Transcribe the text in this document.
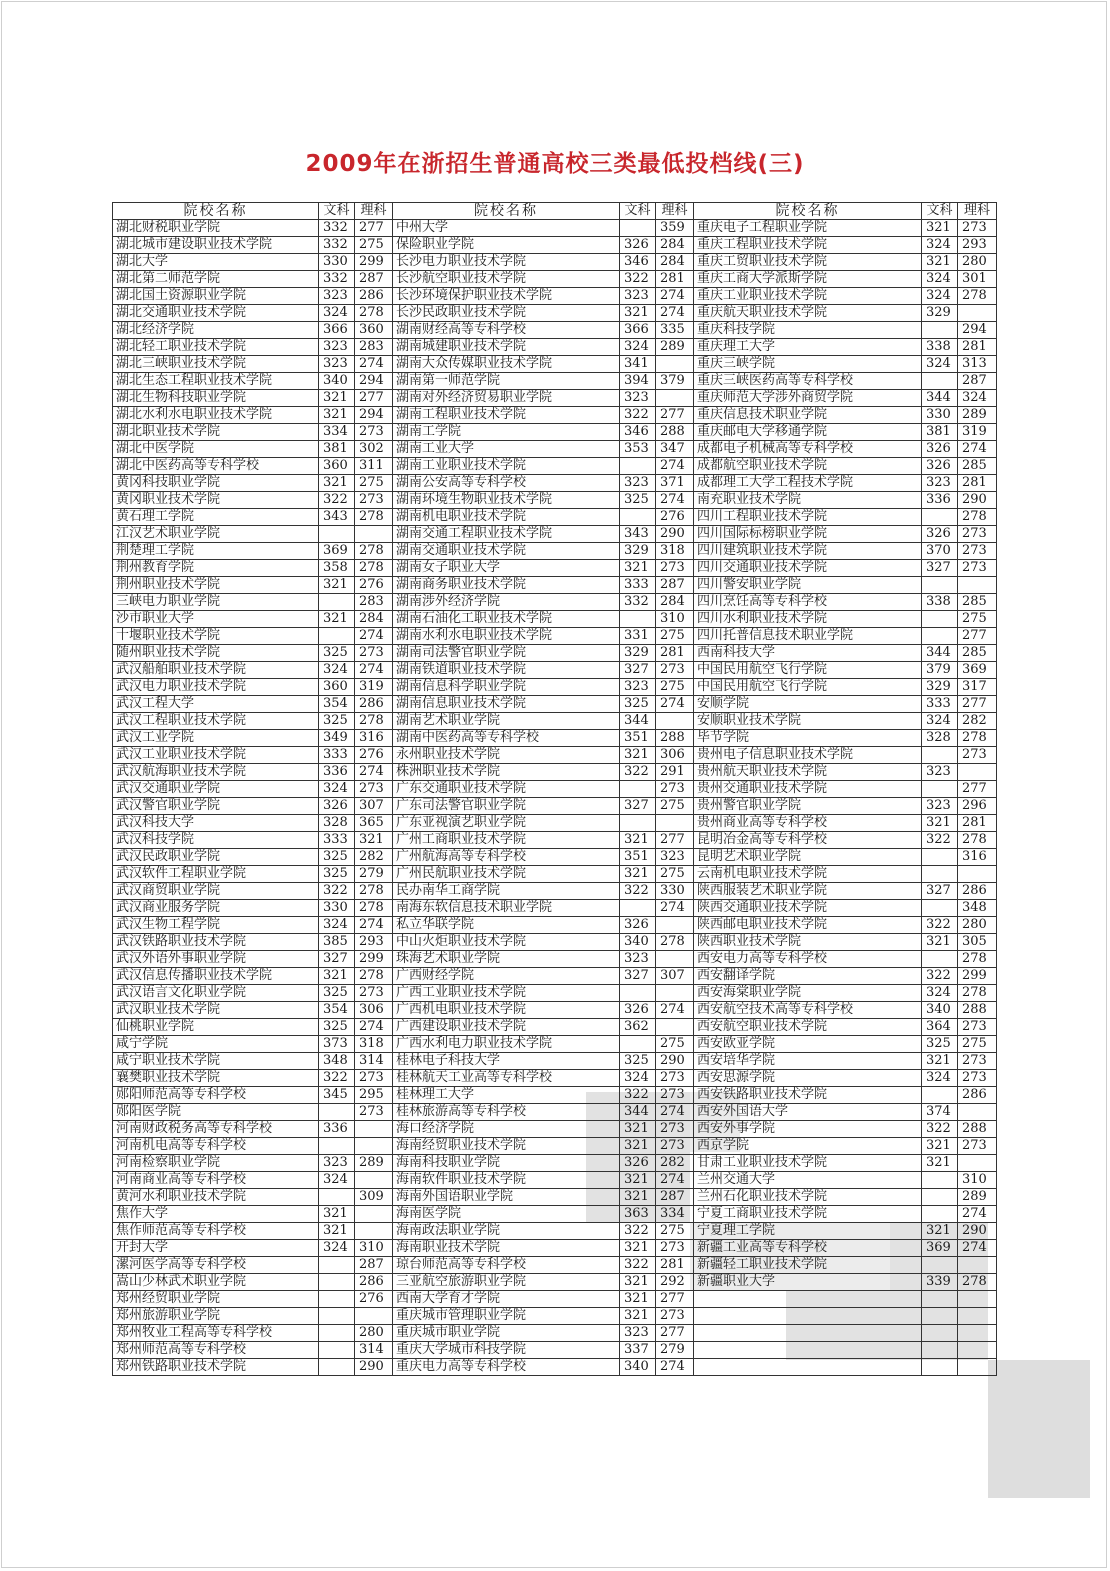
2009年在浙招生普通高校三类最低投档线(三)
院校名称	文科	理科	院校名称	文科	理科	院校名称	文科	理科
湖北财税职业学院	332	277	中州大学		359	重庆电子工程职业学院	321	273
湖北城市建设职业技术学院	332	275	保险职业学院	326	284	重庆工程职业技术学院	324	293
湖北大学	330	299	长沙电力职业技术学院	346	284	重庆工贸职业技术学院	321	280
湖北第二师范学院	332	287	长沙航空职业技术学院	322	281	重庆工商大学派斯学院	324	301
湖北国土资源职业学院	323	286	长沙环境保护职业技术学院	323	274	重庆工业职业技术学院	324	278
湖北交通职业技术学院	324	278	长沙民政职业技术学院	321	274	重庆航天职业技术学院	329	
湖北经济学院	366	360	湖南财经高等专科学校	366	335	重庆科技学院		294
湖北轻工职业技术学院	323	283	湖南城建职业技术学院	324	289	重庆理工大学	338	281
湖北三峡职业技术学院	323	274	湖南大众传媒职业技术学院	341		重庆三峡学院	324	313
湖北生态工程职业技术学院	340	294	湖南第一师范学院	394	379	重庆三峡医药高等专科学校		287
湖北生物科技职业学院	321	277	湖南对外经济贸易职业学院	323		重庆师范大学涉外商贸学院	344	324
湖北水利水电职业技术学院	321	294	湖南工程职业技术学院	322	277	重庆信息技术职业学院	330	289
湖北职业技术学院	334	273	湖南工学院	346	288	重庆邮电大学移通学院	381	319
湖北中医学院	381	302	湖南工业大学	353	347	成都电子机械高等专科学校	326	274
湖北中医药高等专科学校	360	311	湖南工业职业技术学院		274	成都航空职业技术学院	326	285
黄冈科技职业学院	321	275	湖南公安高等专科学校	323	371	成都理工大学工程技术学院	323	281
黄冈职业技术学院	322	273	湖南环境生物职业技术学院	325	274	南充职业技术学院	336	290
黄石理工学院	343	278	湖南机电职业技术学院		276	四川工程职业技术学院		278
江汉艺术职业学院			湖南交通工程职业技术学院	343	290	四川国际标榜职业学院	326	273
荆楚理工学院	369	278	湖南交通职业技术学院	329	318	四川建筑职业技术学院	370	273
荆州教育学院	358	278	湖南女子职业大学	321	273	四川交通职业技术学院	327	273
荆州职业技术学院	321	276	湖南商务职业技术学院	333	287	四川警安职业学院		
三峡电力职业学院		283	湖南涉外经济学院	332	284	四川烹饪高等专科学校	338	285
沙市职业大学	321	284	湖南石油化工职业技术学院		310	四川水利职业技术学院		275
十堰职业技术学院		274	湖南水利水电职业技术学院	331	275	四川托普信息技术职业学院		277
随州职业技术学院	325	273	湖南司法警官职业学院	329	281	西南科技大学	344	285
武汉船舶职业技术学院	324	274	湖南铁道职业技术学院	327	273	中国民用航空飞行学院	379	369
武汉电力职业技术学院	360	319	湖南信息科学职业学院	323	275	中国民用航空飞行学院	329	317
武汉工程大学	354	286	湖南信息职业技术学院	325	274	安顺学院	333	277
武汉工程职业技术学院	325	278	湖南艺术职业学院	344		安顺职业技术学院	324	282
武汉工业学院	349	316	湖南中医药高等专科学校	351	288	毕节学院	328	278
武汉工业职业技术学院	333	276	永州职业技术学院	321	306	贵州电子信息职业技术学院		273
武汉航海职业技术学院	336	274	株洲职业技术学院	322	291	贵州航天职业技术学院	323	
武汉交通职业学院	324	273	广东交通职业技术学院		273	贵州交通职业技术学院		277
武汉警官职业学院	326	307	广东司法警官职业学院	327	275	贵州警官职业学院	323	296
武汉科技大学	328	365	广东亚视演艺职业学院			贵州商业高等专科学校	321	281
武汉科技学院	333	321	广州工商职业技术学院	321	277	昆明冶金高等专科学校	322	278
武汉民政职业学院	325	282	广州航海高等专科学校	351	323	昆明艺术职业学院		316
武汉软件工程职业学院	325	279	广州民航职业技术学院	321	275	云南机电职业技术学院		
武汉商贸职业学院	322	278	民办南华工商学院	322	330	陕西服装艺术职业学院	327	286
武汉商业服务学院	330	278	南海东软信息技术职业学院		274	陕西交通职业技术学院		348
武汉生物工程学院	324	274	私立华联学院	326		陕西邮电职业技术学院	322	280
武汉铁路职业技术学院	385	293	中山火炬职业技术学院	340	278	陕西职业技术学院	321	305
武汉外语外事职业学院	327	299	珠海艺术职业学院	323		西安电力高等专科学校		278
武汉信息传播职业技术学院	321	278	广西财经学院	327	307	西安翻译学院	322	299
武汉语言文化职业学院	325	273	广西工业职业技术学院			西安海棠职业学院	324	278
武汉职业技术学院	354	306	广西机电职业技术学院	326	274	西安航空技术高等专科学校	340	288
仙桃职业学院	325	274	广西建设职业技术学院	362		西安航空职业技术学院	364	273
咸宁学院	373	318	广西水利电力职业技术学院		275	西安欧亚学院	325	275
咸宁职业技术学院	348	314	桂林电子科技大学	325	290	西安培华学院	321	273
襄樊职业技术学院	322	273	桂林航天工业高等专科学校	324	273	西安思源学院	324	273
郧阳师范高等专科学校	345	295	桂林理工大学	322	273	西安铁路职业技术学院		286
郧阳医学院		273	桂林旅游高等专科学校	344	274	西安外国语大学	374	
河南财政税务高等专科学校	336		海口经济学院	321	273	西安外事学院	322	288
河南机电高等专科学校			海南经贸职业技术学院	321	273	西京学院	321	273
河南检察职业学院	323	289	海南科技职业学院	326	282	甘肃工业职业技术学院	321	
河南商业高等专科学校	324		海南软件职业技术学院	321	274	兰州交通大学		310
黄河水利职业技术学院		309	海南外国语职业学院	321	287	兰州石化职业技术学院		289
焦作大学	321		海南医学院	363	334	宁夏工商职业技术学院		274
焦作师范高等专科学校	321		海南政法职业学院	322	275	宁夏理工学院	321	290
开封大学	324	310	海南职业技术学院	321	273	新疆工业高等专科学校	369	274
漯河医学高等专科学校		287	琼台师范高等专科学校	322	281	新疆轻工职业技术学院		
嵩山少林武术职业学院		286	三亚航空旅游职业学院	321	292	新疆职业大学	339	278
郑州经贸职业学院		276	西南大学育才学院	321	277			
郑州旅游职业学院			重庆城市管理职业学院	321	273			
郑州牧业工程高等专科学校		280	重庆城市职业学院	323	277			
郑州师范高等专科学校		314	重庆大学城市科技学院	337	279			
郑州铁路职业技术学院		290	重庆电力高等专科学校	340	274			
